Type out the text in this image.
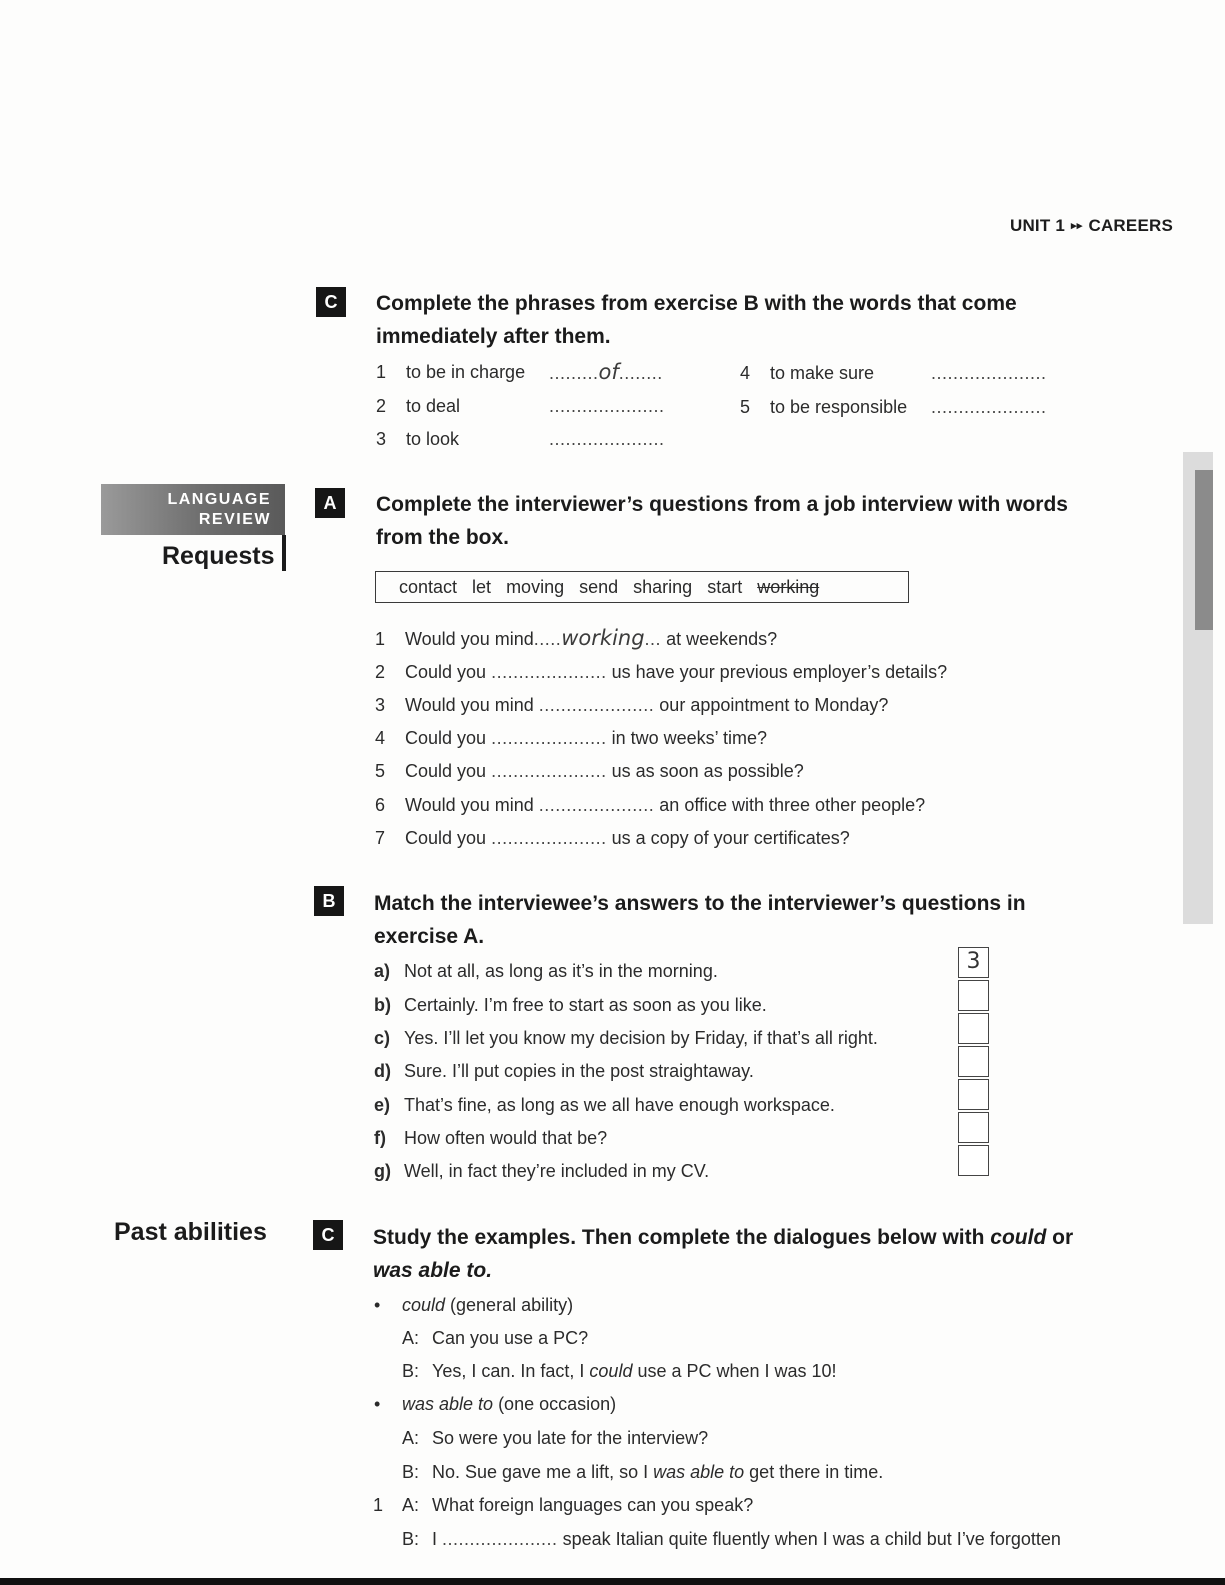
UNIT 1 ▸▸ CAREERS
C	Complete the phrases from exercise B with the words that come
immediately after them.
1 to be in charge .........of........
2 to deal	.....................
3 to look	.....................
4 to make sure	.....................
5 to be responsible .....................
LANGUAGE
REVIEW
Requests
A	Complete the interviewer’s questions from a job interview with words
from the box.
contact let moving send sharing start working
1 Would you mind.....working... at weekends?
2 Could you ..................... us have your previous employer’s details?
3 Would you mind ..................... our appointment to Monday?
4 Could you ..................... in two weeks’ time?
5 Could you ..................... us as soon as possible?
6 Would you mind ..................... an office with three other people?
7 Could you ..................... us a copy of your certificates?
B	Match the interviewee’s answers to the interviewer’s questions in
exercise A.
a) Not at all, as long as it’s in the morning.
b) Certainly. I’m free to start as soon as you like.
c) Yes. I’ll let you know my decision by Friday, if that’s all right.
d) Sure. I’ll put copies in the post straightaway.
e) That’s fine, as long as we all have enough workspace.
f) How often would that be?
g) Well, in fact they’re included in my CV.
3
Past abilities	C	Study the examples. Then complete the dialogues below with could or
was able to.
• could (general ability)
A: Can you use a PC?
B: Yes, I can. In fact, I could use a PC when I was 10!
• was able to (one occasion)
A: So were you late for the interview?
B: No. Sue gave me a lift, so I was able to get there in time.
1 A: What foreign languages can you speak?
B: I ..................... speak Italian quite fluently when I was a child but I’ve forgotten
